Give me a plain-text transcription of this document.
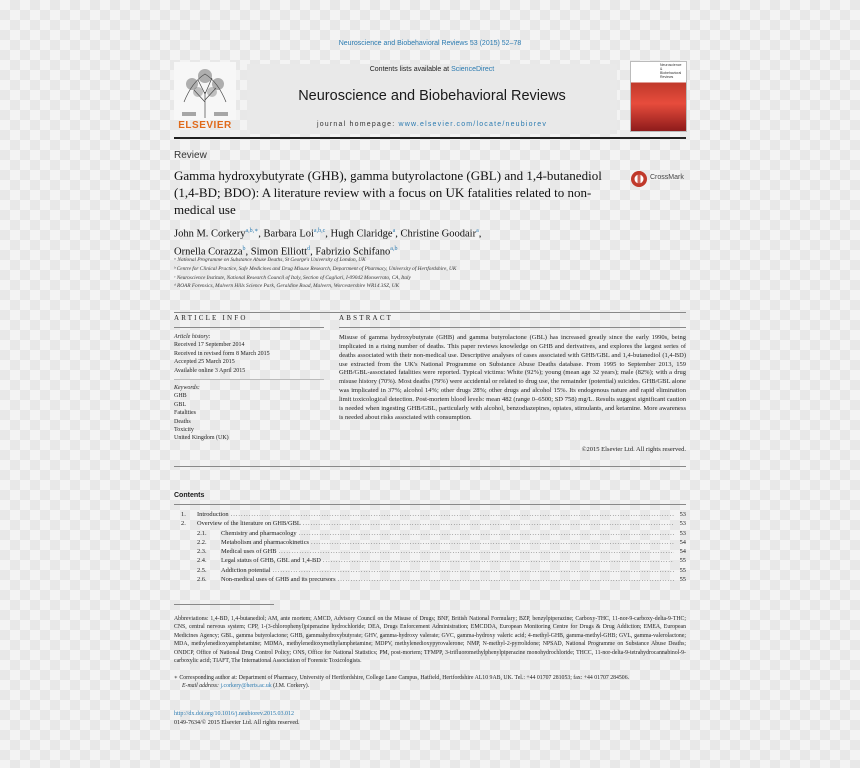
Neuroscience and Biobehavioral Reviews 53 (2015) 52–78
ELSEVIER
Contents lists available at ScienceDirect
Neuroscience and Biobehavioral Reviews
journal homepage: www.elsevier.com/locate/neubiorev
Neuroscience & Biobehavioral Reviews
Review
Gamma hydroxybutyrate (GHB), gamma butyrolactone (GBL) and 1,4-butanediol (1,4-BD; BDO): A literature review with a focus on UK fatalities related to non-medical use
CrossMark
John M. Corkery$^{a,b,∗}$, Barbara Loi$^{a,b,c}$, Hugh Claridge$^a$, Christine Goodair$^a$,
Ornella Corazza$^b$, Simon Elliott$^d$, Fabrizio Schifano$^{a,b}$
ᵃ National Programme on Substance Abuse Deaths, St George's University of London, UK
ᵇ Centre for Clinical Practice, Safe Medicines and Drug Misuse Research, Department of Pharmacy, University of Hertfordshire, UK
ᶜ Neuroscience Institute, National Research Council of Italy, Section of Cagliari, I-09042 Monserrato, CA, Italy
ᵈ ROAR Forensics, Malvern Hills Science Park, Geraldine Road, Malvern, Worcestershire WR14 3SZ, UK
ARTICLE INFO	ABSTRACT
Article history:
Received 17 September 2014
Received in revised form 8 March 2015
Accepted 25 March 2015
Available online 3 April 2015
Keywords:
GHB
GBL
Fatalities
Deaths
Toxicity
United Kingdom (UK)
Misuse of gamma hydroxybutyrate (GHB) and gamma butyrolactone (GBL) has increased greatly since the early 1990s, being implicated in a rising number of deaths. This paper reviews knowledge on GHB and derivatives, and explores the largest series of deaths associated with their non-medical use. Descriptive analyses of cases associated with GHB/GBL and 1,4-butanediol (1,4-BD) use extracted from the UK's National Programme on Substance Abuse Deaths database. From 1995 to September 2013, 159 GHB/GBL-associated fatalities were reported. Typical victims: White (92%); young (mean age 32 years); male (82%); with a drug misuse history (70%). Most deaths (79%) were accidental or related to drug use, the remainder (potential) suicides. GHB/GBL alone was implicated in 37%; alcohol 14%; other drugs 28%; other drugs and alcohol 15%. Its endogenous nature and rapid elimination limit toxicological detection. Post-mortem blood levels: mean 482 (range 0–6500; SD 758) mg/L. Results suggest significant caution is needed when ingesting GHB/GBL, particularly with alcohol, benzodiazepines, opiates, stimulants, and ketamine. More awareness is needed about risks associated with consumption.
©2015 Elsevier Ltd. All rights reserved.
Contents
1.	Introduction .....	53
2.	Overview of the literature on GHB/GBL .....	53
2.1.	Chemistry and pharmacology .....	53
2.2.	Metabolism and pharmacokinetics .....	54
2.3.	Medical uses of GHB .....	54
2.4.	Legal status of GHB, GBL and 1,4-BD .....	55
2.5.	Addiction potential .....	55
2.6.	Non-medical uses of GHB and its precursors .....	55
Abbreviations: 1,4-BD, 1,4-butanediol; AM, ante mortem; AMCD, Advisory Council on the Misuse of Drugs; BNF, British National Formulary; BZP, benzylpiperazine; Carboxy-THC, 11-nor-9-carboxy-delta-9-THC; CNS, central nervous system; CPP, 1-(3-chlorophenyl)piperazine hydrochloride; DEA, Drugs Enforcement Administration; EMCDDA, European Monitoring Centre for Drugs & Drug Addiction; EMEA, European Medicines Agency; GBL, gamma butyrolactone; GHB, gammahydroxybutyrate; GHV, gamma-hydroxy valerate; GVC, gamma-hydroxy valeric acid; 4-methyl-GHB, gamma-methyl-GHB; GVL, gamma-valerolactone; MDA, methylenedioxyamphetamine; MDMA, methylenedioxymethylamphetamine; MDPV, methylenedioxypyrovalerone; NMP, N-methyl-2-pyrrolidone; NPSAD, National Programme on Substance Abuse Deaths; ONDCP, Office of National Drug Control Policy; ONS, Office for National Statistics; PM, post-mortem; TFMPP, 3-trifluoromethylphenylpiperazine monohydrochloride; THCC, 11-nor-delta-9-tetrahydrocannabinol-9-carboxylic acid; TIAFT, The International Association of Forensic Toxicologists.
∗ Corresponding author at: Department of Pharmacy, University of Hertfordshire, College Lane Campus, Hatfield, Hertfordshire AL10 9AB, UK. Tel.: +44 01707 281053; fax: +44 01707 284506.
E-mail address: j.corkery@herts.ac.uk (J.M. Corkery).
http://dx.doi.org/10.1016/j.neubiorev.2015.03.012
0149-7634/© 2015 Elsevier Ltd. All rights reserved.
